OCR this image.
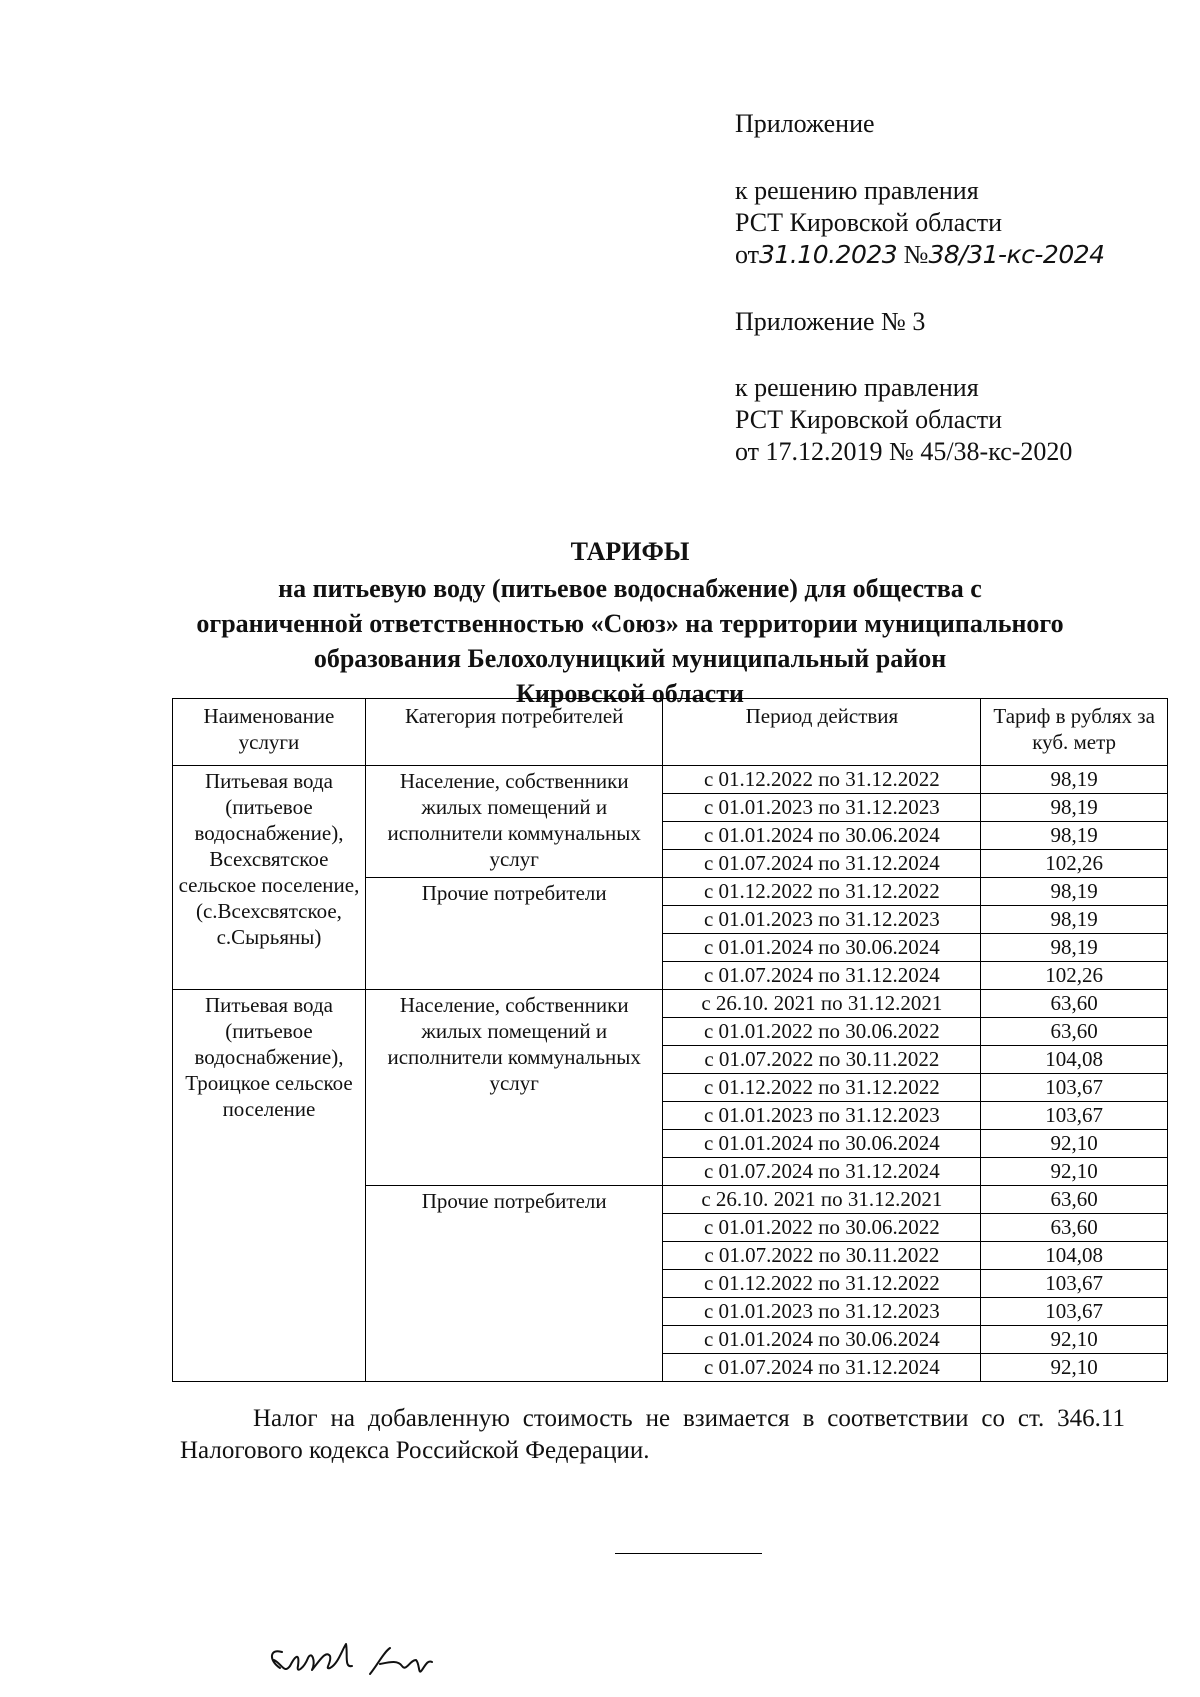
Приложение
к решению правления
РСТ Кировской области
от31.10.2023 №38/31-кс-2024
Приложение № 3
к решению правления
РСТ Кировской области
от 17.12.2019 № 45/38-кс-2020
ТАРИФЫ
на питьевую воду (питьевое водоснабжение) для общества с
ограниченной ответственностью «Союз» на территории муниципального
образования Белохолуницкий муниципальный район
Кировской области
Наименование услуги	Категория потребителей	Период действия	Тариф в рублях за куб. метр
Питьевая вода (питьевое водоснабжение), Всехсвятское сельское поселение, (с.Всехсвятское, с.Сырьяны)	Население, собственники жилых помещений и исполнители коммунальных услуг	с 01.12.2022 по 31.12.2022	98,19
		с 01.01.2023 по 31.12.2023	98,19
		с 01.01.2024 по 30.06.2024	98,19
		с 01.07.2024 по 31.12.2024	102,26
	Прочие потребители	с 01.12.2022 по 31.12.2022	98,19
		с 01.01.2023 по 31.12.2023	98,19
		с 01.01.2024 по 30.06.2024	98,19
		с 01.07.2024 по 31.12.2024	102,26
Питьевая вода (питьевое водоснабжение), Троицкое сельское поселение	Население, собственники жилых помещений и исполнители коммунальных услуг	с 26.10. 2021 по 31.12.2021	63,60
		с 01.01.2022 по 30.06.2022	63,60
		с 01.07.2022 по 30.11.2022	104,08
		с 01.12.2022 по 31.12.2022	103,67
		с 01.01.2023 по 31.12.2023	103,67
		с 01.01.2024 по 30.06.2024	92,10
		с 01.07.2024 по 31.12.2024	92,10
	Прочие потребители	с 26.10. 2021 по 31.12.2021	63,60
		с 01.01.2022 по 30.06.2022	63,60
		с 01.07.2022 по 30.11.2022	104,08
		с 01.12.2022 по 31.12.2022	103,67
		с 01.01.2023 по 31.12.2023	103,67
		с 01.01.2024 по 30.06.2024	92,10
		с 01.07.2024 по 31.12.2024	92,10
Налог на добавленную стоимость не взимается в соответствии со ст. 346.11 Налогового кодекса Российской Федерации.
